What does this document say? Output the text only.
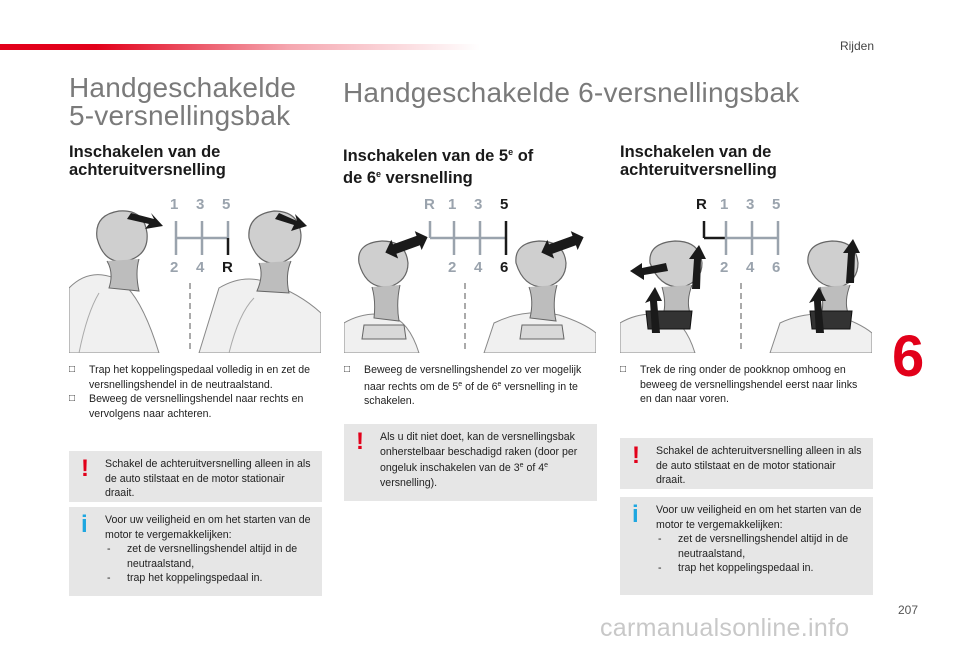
Rijden
Handgeschakelde
5-versnellingsbak
Inschakelen van de
achteruitversnelling
1 3 5
2 4 R
□ Trap het koppelingspedaal volledig in en zet de versnellingshendel in de neutraalstand.
□ Beweeg de versnellingshendel naar rechts en vervolgens naar achteren.
! Schakel de achteruitversnelling alleen in als de auto stilstaat en de motor stationair draait.
i Voor uw veiligheid en om het starten van de motor te vergemakkelijken:
- zet de versnellingshendel altijd in de neutraalstand,
- trap het koppelingspedaal in.
Handgeschakelde 6-versnellingsbak
Inschakelen van de 5e of
de 6e versnelling
R 1 3 5
2 4 6
□ Beweeg de versnellingshendel zo ver mogelijk naar rechts om de 5e of de 6e versnelling in te schakelen.
! Als u dit niet doet, kan de versnellingsbak onherstelbaar beschadigd raken (door per ongeluk inschakelen van de 3e of 4e versnelling).
Inschakelen van de
achteruitversnelling
R 1 3 5
2 4 6
□ Trek de ring onder de pookknop omhoog en beweeg de versnellingshendel eerst naar links en dan naar voren.
! Schakel de achteruitversnelling alleen in als de auto stilstaat en de motor stationair draait.
i Voor uw veiligheid en om het starten van de motor te vergemakkelijken:
- zet de versnellingshendel altijd in de neutraalstand,
- trap het koppelingspedaal in.
6
207
carmanualsonline.info
